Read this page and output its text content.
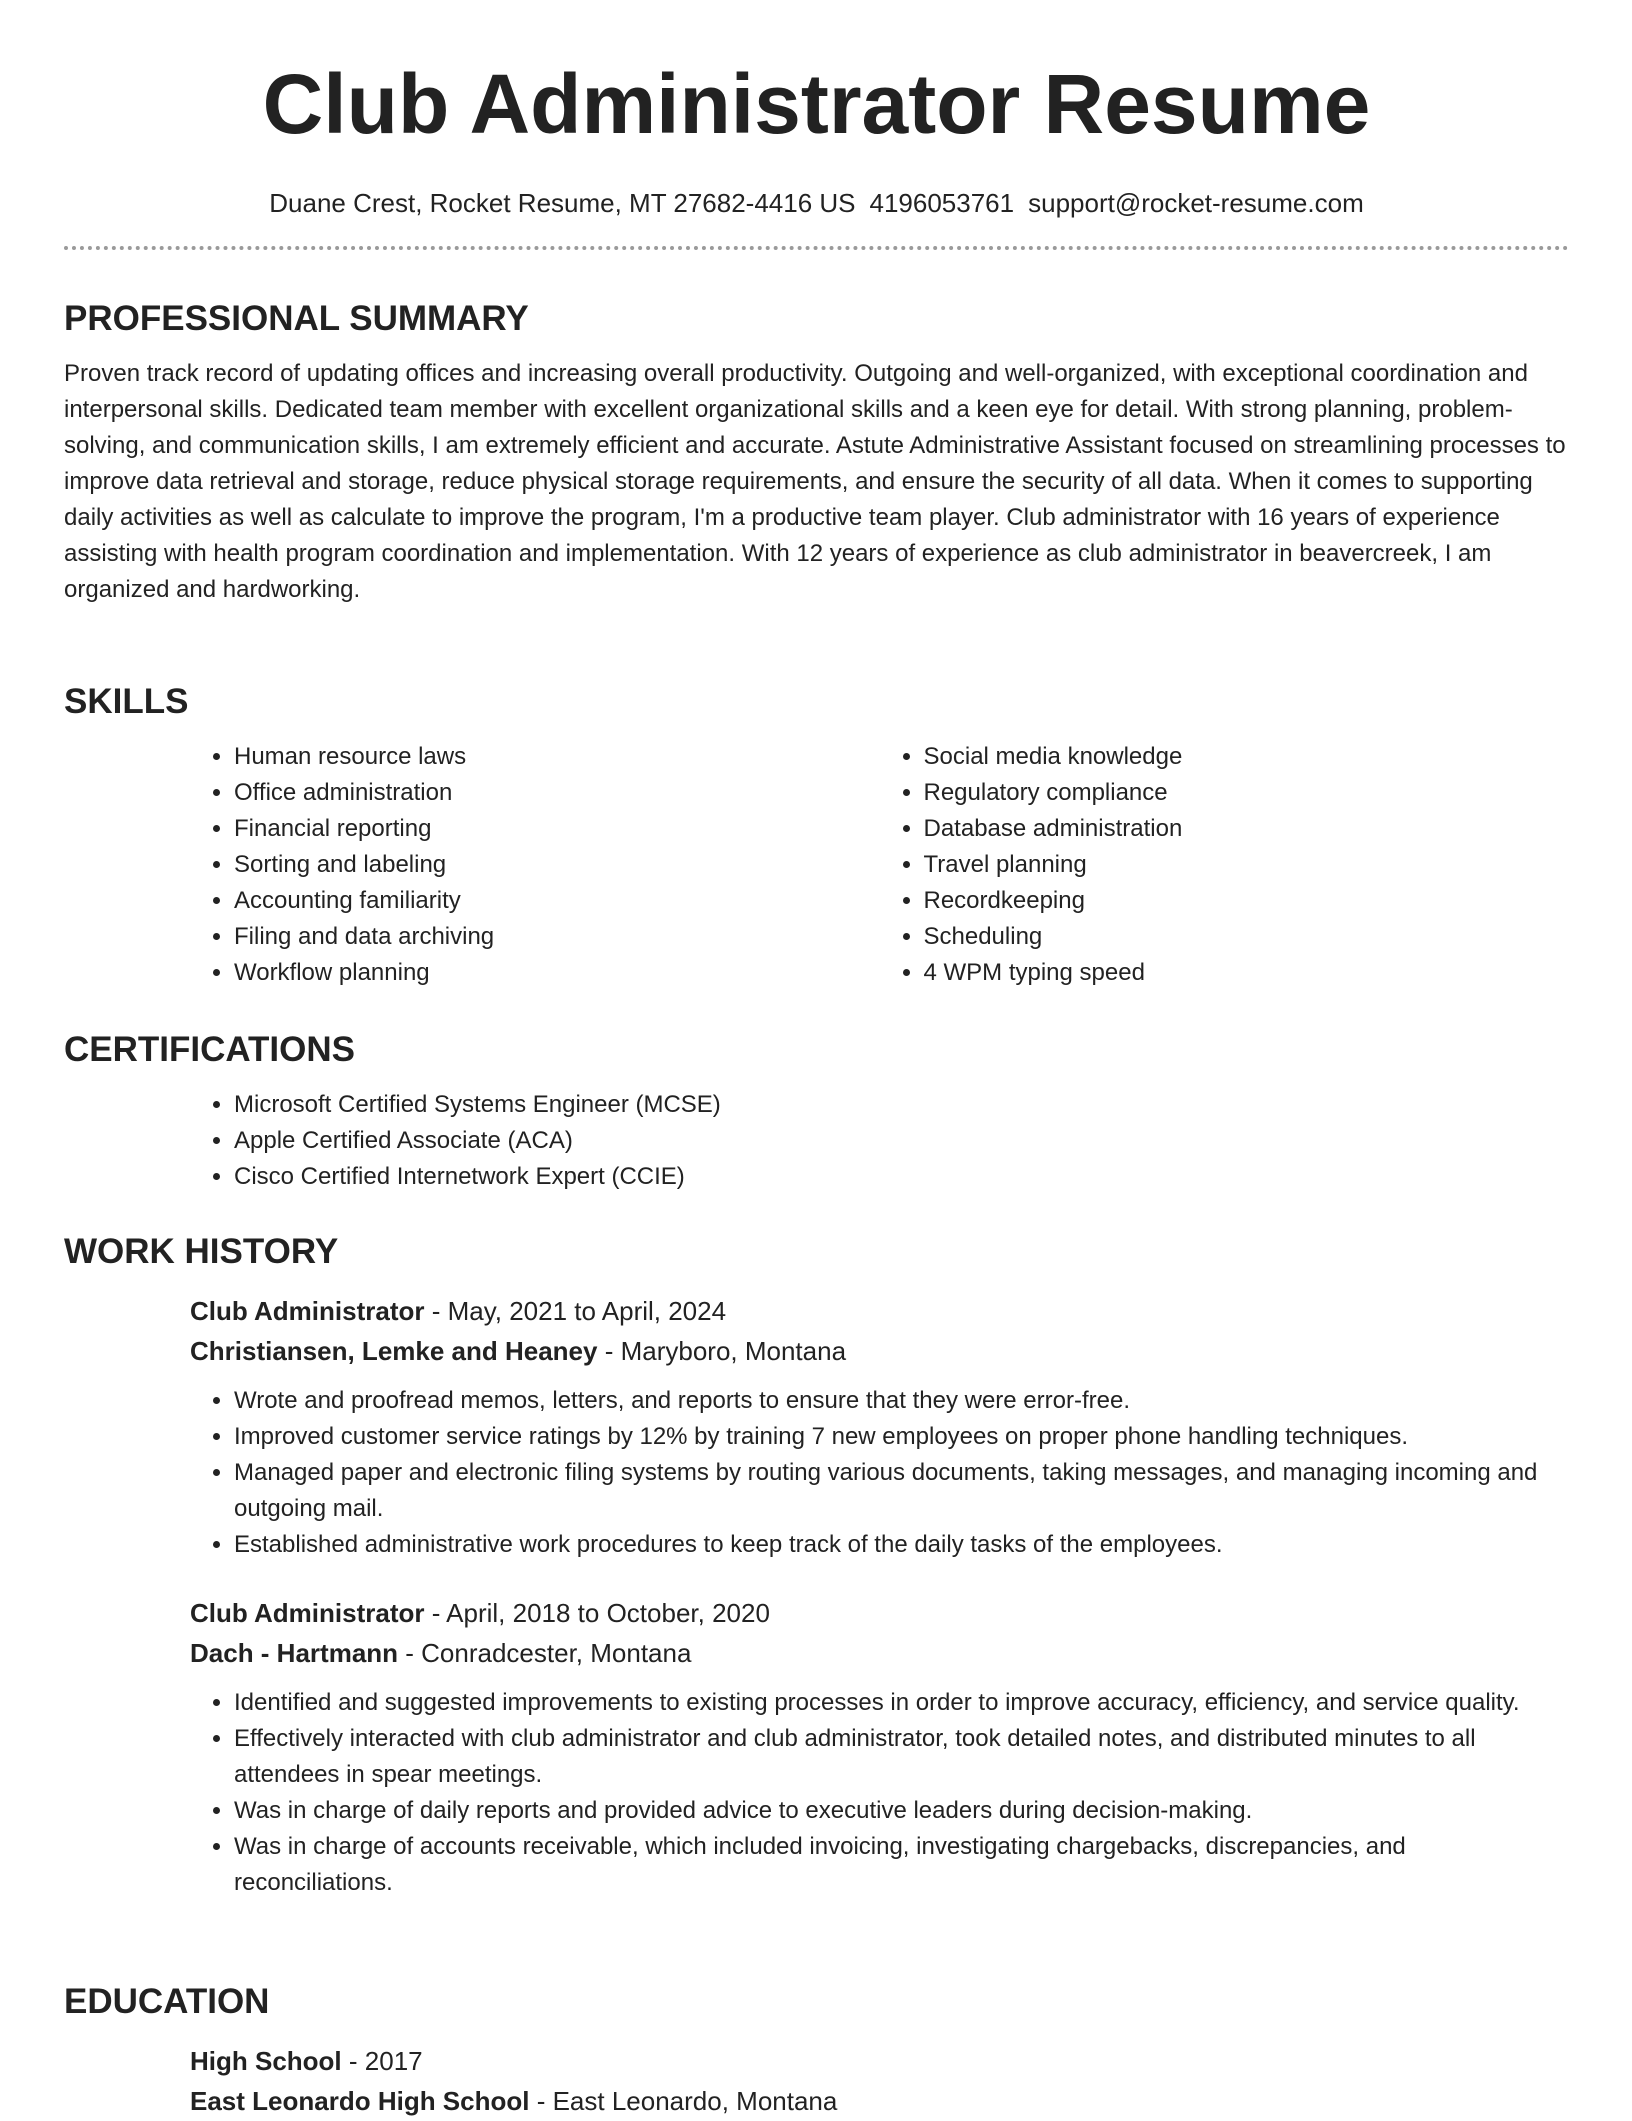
Club Administrator Resume
Duane Crest, Rocket Resume, MT 27682-4416 US 4196053761 support@rocket-resume.com
PROFESSIONAL SUMMARY

Proven track record of updating offices and increasing overall productivity. Outgoing and well-organized, with exceptional coordination and interpersonal skills. Dedicated team member with excellent organizational skills and a keen eye for detail. With strong planning, problem-solving, and communication skills, I am extremely efficient and accurate. Astute Administrative Assistant focused on streamlining processes to improve data retrieval and storage, reduce physical storage requirements, and ensure the security of all data. When it comes to supporting daily activities as well as calculate to improve the program, I'm a productive team player. Club administrator with 16 years of experience assisting with health program coordination and implementation. With 12 years of experience as club administrator in beavercreek, I am organized and hardworking.

SKILLS
• Human resource laws
• Office administration
• Financial reporting
• Sorting and labeling
• Accounting familiarity
• Filing and data archiving
• Workflow planning
• Social media knowledge
• Regulatory compliance
• Database administration
• Travel planning
• Recordkeeping
• Scheduling
• 4 WPM typing speed
CERTIFICATIONS
• Microsoft Certified Systems Engineer (MCSE)
• Apple Certified Associate (ACA)
• Cisco Certified Internetwork Expert (CCIE)
WORK HISTORY
Club Administrator - May, 2021 to April, 2024
Christiansen, Lemke and Heaney - Maryboro, Montana
• Wrote and proofread memos, letters, and reports to ensure that they were error-free.
• Improved customer service ratings by 12% by training 7 new employees on proper phone handling techniques.
• Managed paper and electronic filing systems by routing various documents, taking messages, and managing incoming and outgoing mail.
• Established administrative work procedures to keep track of the daily tasks of the employees.
Club Administrator - April, 2018 to October, 2020
Dach - Hartmann - Conradcester, Montana
• Identified and suggested improvements to existing processes in order to improve accuracy, efficiency, and service quality.
• Effectively interacted with club administrator and club administrator, took detailed notes, and distributed minutes to all attendees in spear meetings.
• Was in charge of daily reports and provided advice to executive leaders during decision-making.
• Was in charge of accounts receivable, which included invoicing, investigating chargebacks, discrepancies, and reconciliations.
EDUCATION
High School - 2017
East Leonardo High School - East Leonardo, Montana
